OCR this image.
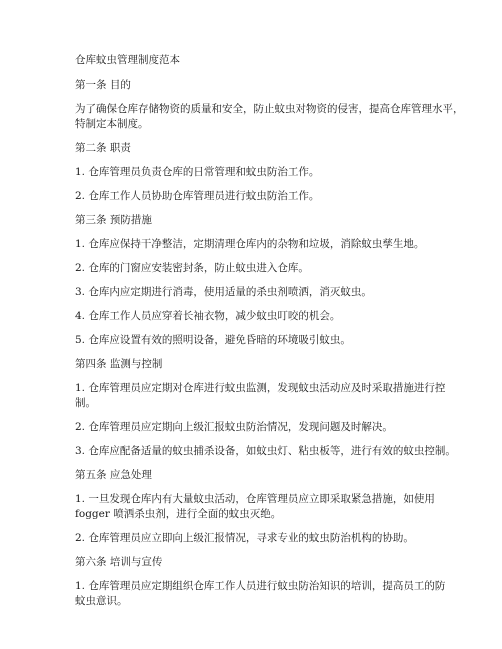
仓库蚊虫管理制度范本

第一条 目的

为了确保仓库存储物资的质量和安全，防止蚊虫对物资的侵害，提高仓库管理水平，

特制定本制度。

第二条 职责

1. 仓库管理员负责仓库的日常管理和蚊虫防治工作。

2. 仓库工作人员协助仓库管理员进行蚊虫防治工作。

第三条 预防措施

1. 仓库应保持干净整洁，定期清理仓库内的杂物和垃圾，消除蚊虫孳生地。

2. 仓库的门窗应安装密封条，防止蚊虫进入仓库。

3. 仓库内应定期进行消毒，使用适量的杀虫剂喷洒，消灭蚊虫。

4. 仓库工作人员应穿着长袖衣物，减少蚊虫叮咬的机会。

5. 仓库应设置有效的照明设备，避免昏暗的环境吸引蚊虫。

第四条 监测与控制

1. 仓库管理员应定期对仓库进行蚊虫监测，发现蚊虫活动应及时采取措施进行控

制。

2. 仓库管理员应定期向上级汇报蚊虫防治情况，发现问题及时解决。

3. 仓库应配备适量的蚊虫捕杀设备，如蚊虫灯、粘虫板等，进行有效的蚊虫控制。

第五条 应急处理

1. 一旦发现仓库内有大量蚊虫活动，仓库管理员应立即采取紧急措施，如使用

fogger 喷洒杀虫剂，进行全面的蚊虫灭绝。

2. 仓库管理员应立即向上级汇报情况，寻求专业的蚊虫防治机构的协助。

第六条 培训与宣传

1. 仓库管理员应定期组织仓库工作人员进行蚊虫防治知识的培训，提高员工的防

蚊虫意识。
